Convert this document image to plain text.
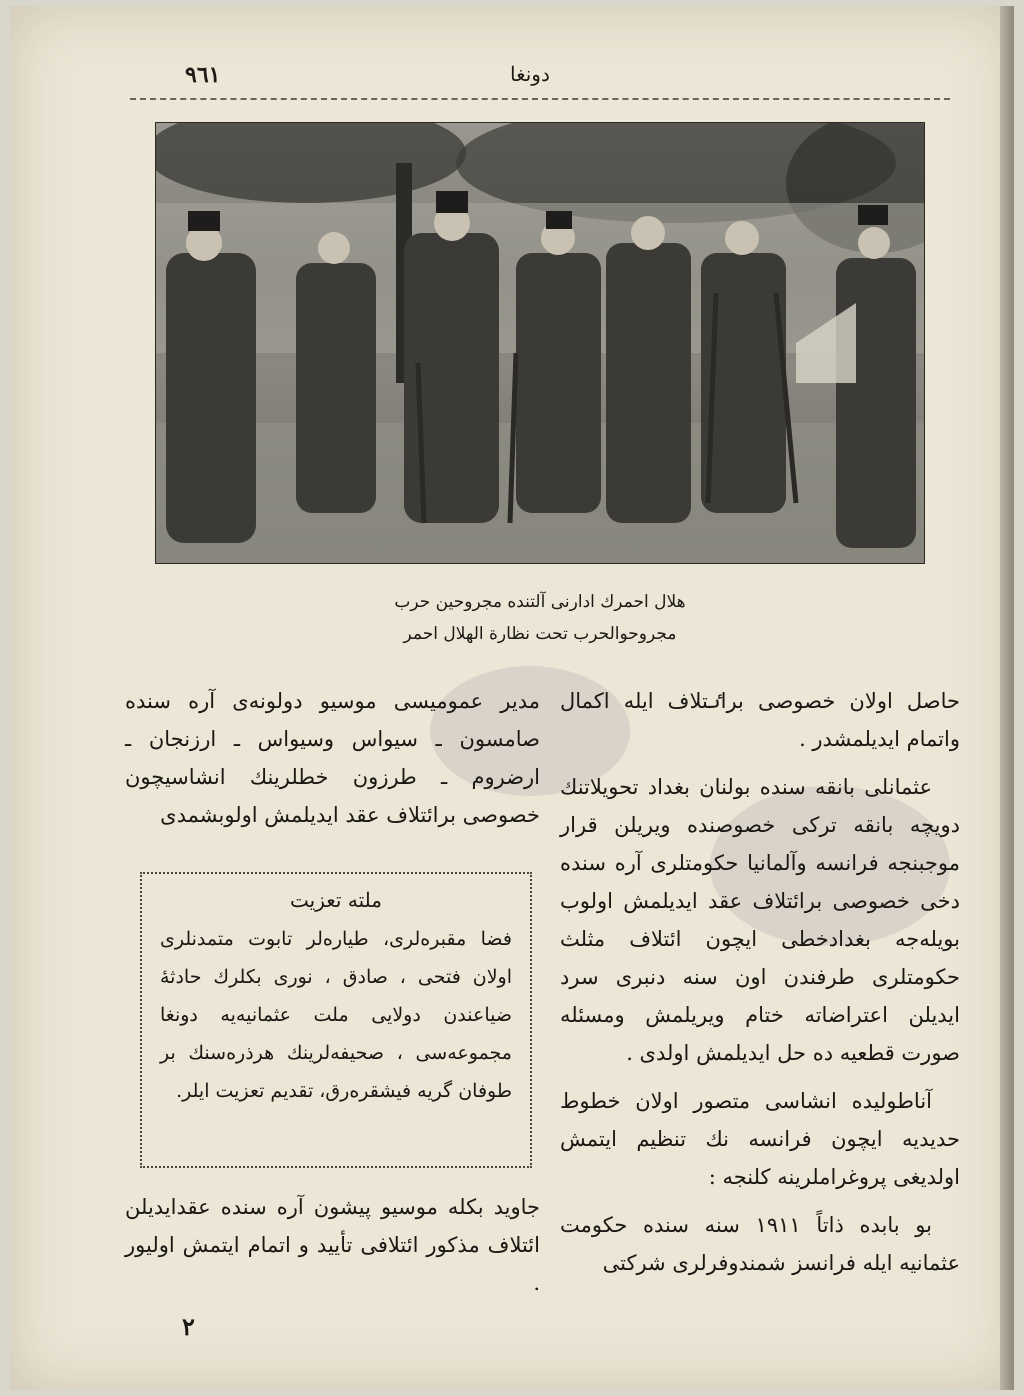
٩٦١	دونغا
هلال احمرك ادارنى آلتنده مجروحين حرب
مجروحوالحرب تحت نظارة الهلال احمر

حاصل اولان خصوصی براٸتلاف ایله اکمال واتمام ایدیلمشدر .

عثمانلی بانقه سنده بولنان بغداد تحویلاتنك دویچه بانقه ترکی خصوصنده ویریلن قرار موجبنجه فرانسه وآلمانیا حکومتلری آره سنده دخی خصوصی برائتلاف عقد ایدیلمش اولوب بویله‌جه بغدادخطی ایچون ائتلاف مثلث حکومتلری طرفندن اون سنه دنبری سرد ایدیلن اعتراضاته ختام ویریلمش ومسئله صورت قطعیه ده حل ایدیلمش اولدی .

آناطولیده انشاسی متصور اولان خطوط حدیدیه ایچون فرانسه نك تنظیم ایتمش اولدیغی پروغراملرینه کلنجه :

بو بابده ذاتاً ١٩١١ سنه سنده حکومت عثمانیه ایله فرانسز شمندوفرلری شرکتی

مدیر عمومیسی موسیو دولونه‌ی آره سنده صامسون ـ سیواس وسیواس ـ ارزنجان ـ ارضروم ـ طرزون خطلرینك انشاسیچون خصوصی برائتلاف عقد ایدیلمش اولوبشمدی

ملته تعزیت
فضا مقبره‌لری، طیاره‌لر تابوت متمدنلری اولان فتحی ، صادق ، نوری بکلرك حادثهٔ ضیاعندن دولایی ملت عثمانیه‌یه دونغا مجموعه‌سی ، صحیفه‌لرینك هرذره‌سنك بر طوفان گریه فیشقره‌رق، تقدیم تعزیت ایلر.

جاوید بکله موسیو پیشون آره سنده عقدایدیلن ائتلاف مذکور ائتلافی تأیید و اتمام ایتمش اولیور .

٢
